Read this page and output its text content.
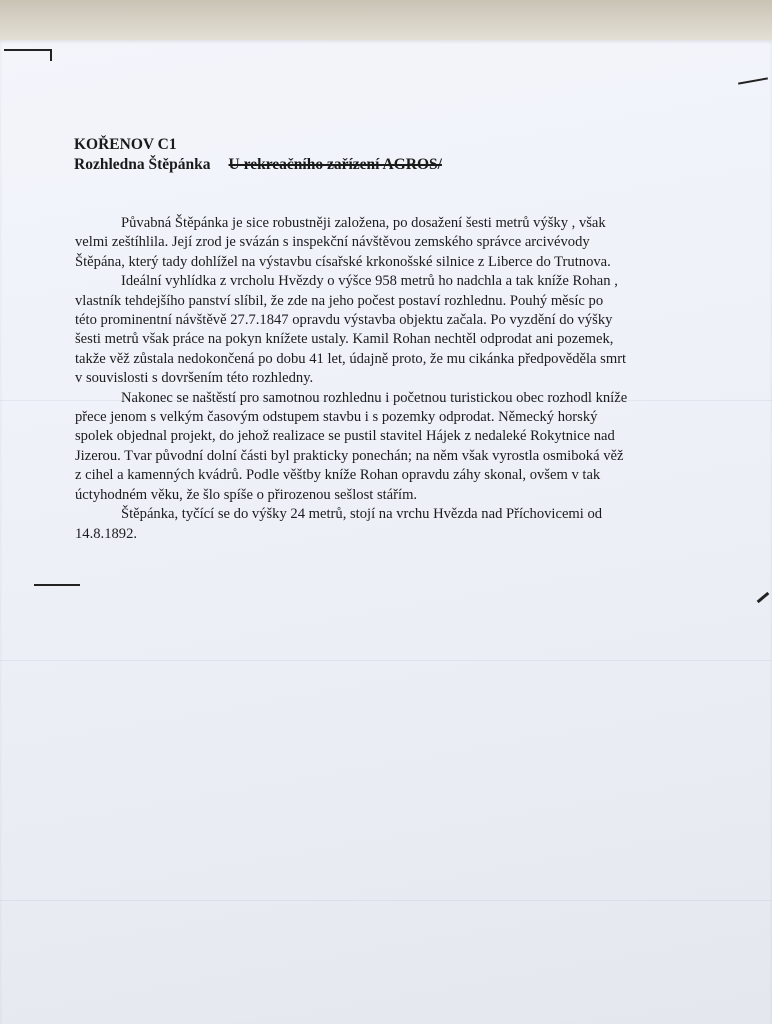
KOŘENOV C1
Rozhledna Štěpánka U rekreačního zařízení AGROS/

Půvabná Štěpánka je sice robustněji založena, po dosažení šesti metrů výšky , však
velmi zeštíhlila. Její zrod je svázán s inspekční návštěvou zemského správce arcivévody
Štěpána, který tady dohlížel na výstavbu císařské krkonošské silnice z Liberce do Trutnova.

Ideální vyhlídka z vrcholu Hvězdy o výšce 958 metrů ho nadchla a tak kníže Rohan ,
vlastník tehdejšího panství slíbil, že zde na jeho počest postaví rozhlednu. Pouhý měsíc po
této prominentní návštěvě 27.7.1847 opravdu výstavba objektu začala. Po vyzdění do výšky
šesti metrů však práce na pokyn knížete ustaly. Kamil Rohan nechtěl odprodat ani pozemek,
takže věž zůstala nedokončená po dobu 41 let, údajně proto, že mu cikánka předpověděla smrt
v souvislosti s dovršením této rozhledny.

Nakonec se naštěstí pro samotnou rozhlednu i početnou turistickou obec rozhodl kníže
přece jenom s velkým časovým odstupem stavbu i s pozemky odprodat. Německý horský
spolek objednal projekt, do jehož realizace se pustil stavitel Hájek z nedaleké Rokytnice nad
Jizerou. Tvar původní dolní části byl prakticky ponechán; na něm však vyrostla osmiboká věž
z cihel a kamenných kvádrů. Podle věštby kníže Rohan opravdu záhy skonal, ovšem v tak
úctyhodném věku, že šlo spíše o přirozenou sešlost stářím.

Štěpánka, tyčící se do výšky 24 metrů, stojí na vrchu Hvězda nad Příchovicemi od
14.8.1892.
